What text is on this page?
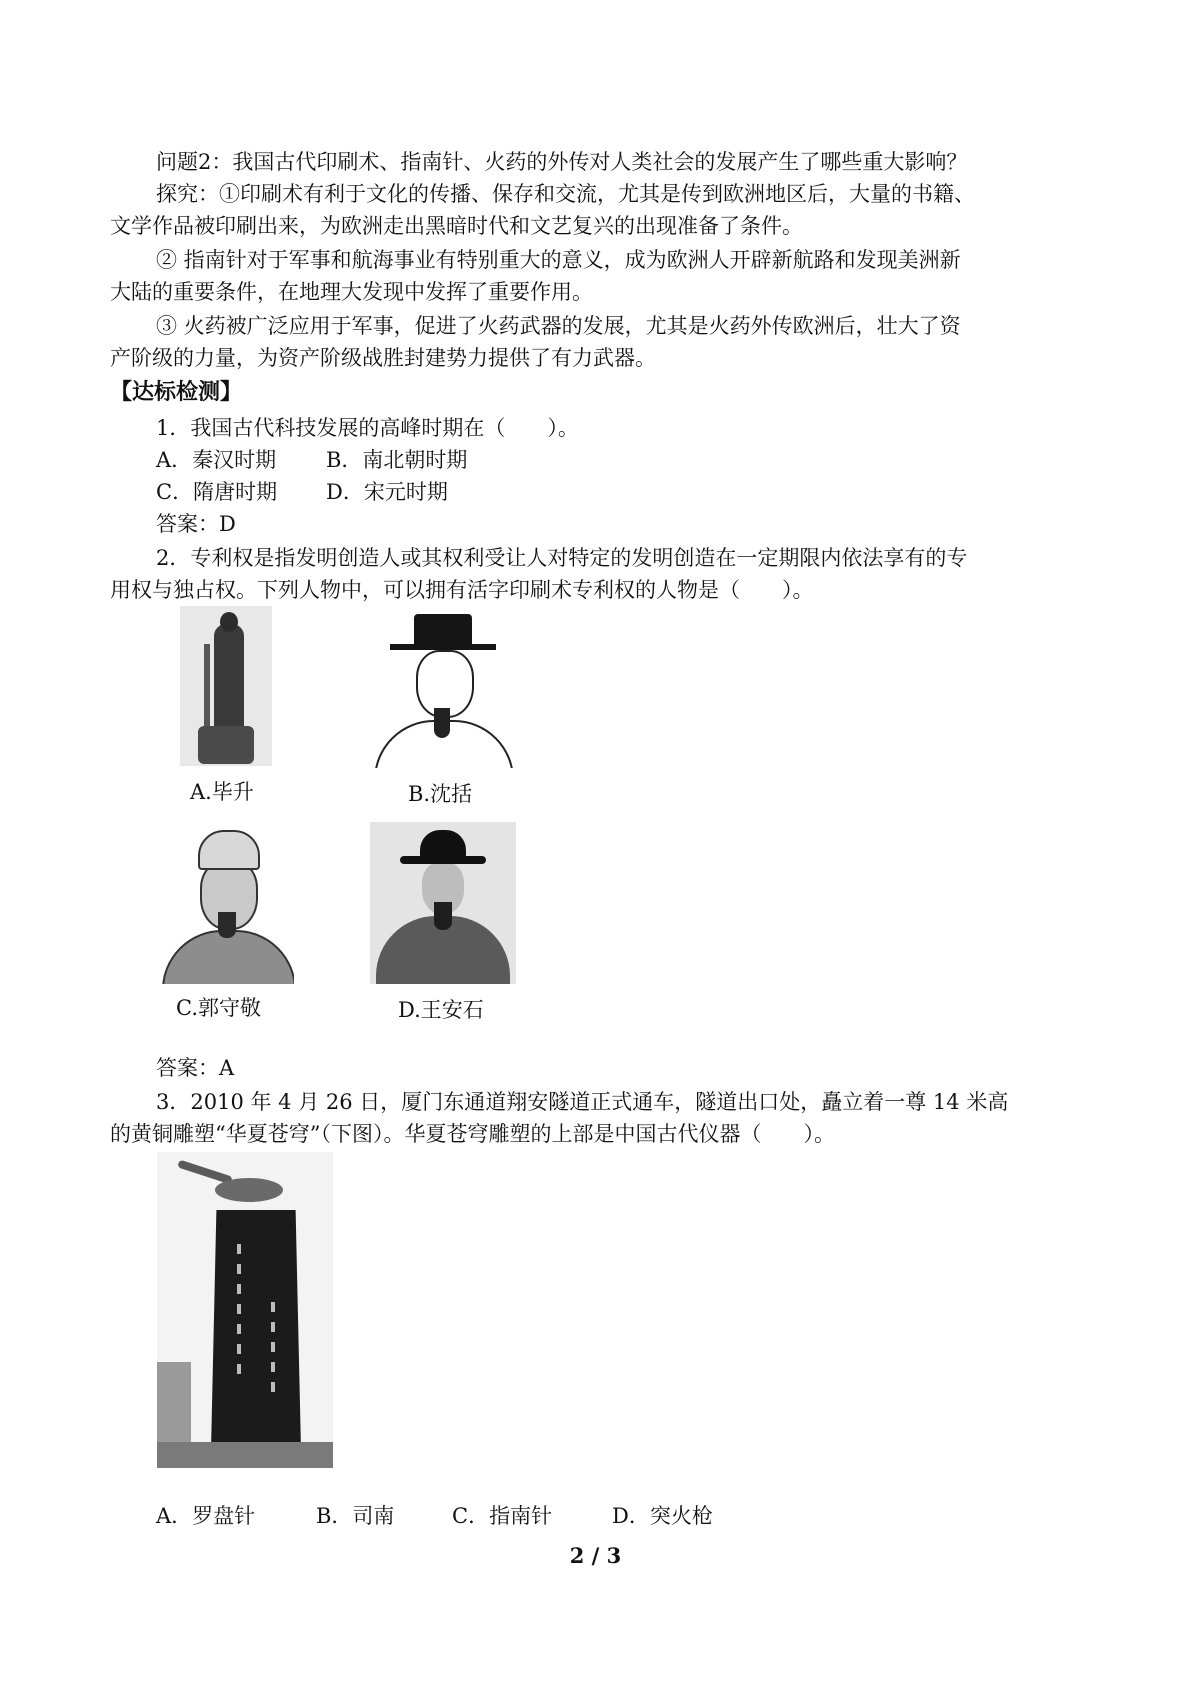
问题2：我国古代印刷术、指南针、火药的外传对人类社会的发展产生了哪些重大影响？
探究：①印刷术有利于文化的传播、保存和交流，尤其是传到欧洲地区后，大量的书籍、
文学作品被印刷出来，为欧洲走出黑暗时代和文艺复兴的出现准备了条件。
② 指南针对于军事和航海事业有特别重大的意义，成为欧洲人开辟新航路和发现美洲新
大陆的重要条件，在地理大发现中发挥了重要作用。
③ 火药被广泛应用于军事，促进了火药武器的发展，尤其是火药外传欧洲后，壮大了资
产阶级的力量，为资产阶级战胜封建势力提供了有力武器。
【达标检测】
1．我国古代科技发展的高峰时期在（　　）。
A．秦汉时期 B．南北朝时期
C．隋唐时期 D．宋元时期
答案：D
2．专利权是指发明创造人或其权利受让人对特定的发明创造在一定期限内依法享有的专
用权与独占权。下列人物中，可以拥有活字印刷术专利权的人物是（　　）。
A.毕升	B.沈括
C.郭守敬	D.王安石
答案：A
3．2010 年 4 月 26 日，厦门东通道翔安隧道正式通车，隧道出口处，矗立着一尊 14 米高
的黄铜雕塑“华夏苍穹”（下图）。华夏苍穹雕塑的上部是中国古代仪器（　　）。
A．罗盘针	B．司南	C．指南针	D．突火枪
2 / 3
